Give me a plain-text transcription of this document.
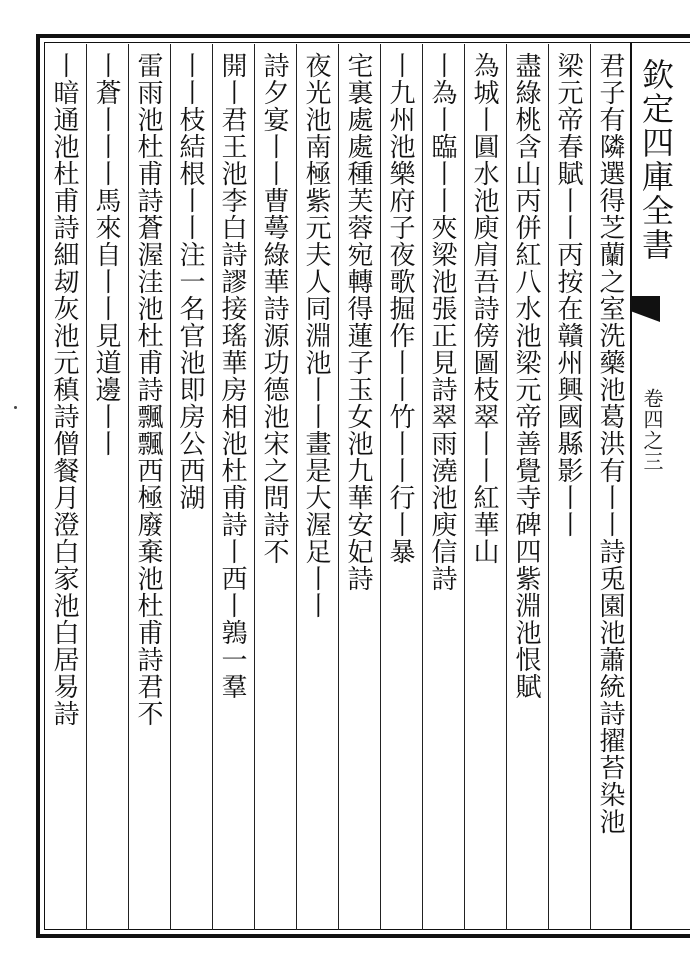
欽定四庫全書
卷四之三
君子有隣選得芝蘭之室洗藥池葛洪有丨丨詩兎園池蕭統詩擢苔染池
梁元帝春賦丨丨丙按在贛州興國縣影丨丨
盡綠桃含山丙併紅八水池梁元帝善覺寺碑四紫淵池恨賦
為城丨圓水池庾肩吾詩傍圖枝翠丨丨紅華山
丨為丨臨丨丨夾梁池張正見詩翠雨澆池庾信詩
丨九州池樂府子夜歌掘作丨丨竹丨丨行丨暴
宅裏處處種芙蓉宛轉得蓮子玉女池九華安妃詩
夜光池南極紫元夫人同淵池丨丨畫是大渥足丨丨
詩夕宴丨丨曹蕚綠華詩源功德池宋之問詩不
開丨君王池李白詩謬接瑤華房相池杜甫詩丨西丨鶉一羣
丨丨枝結根丨丨注一名官池即房公西湖
雷雨池杜甫詩蒼渥洼池杜甫詩飄飄西極廢棄池杜甫詩君不
丨蒼丨丨丨馬來自丨丨見道邊丨丨
丨暗通池杜甫詩細刼灰池元稹詩僧餐月澄白家池白居易詩
